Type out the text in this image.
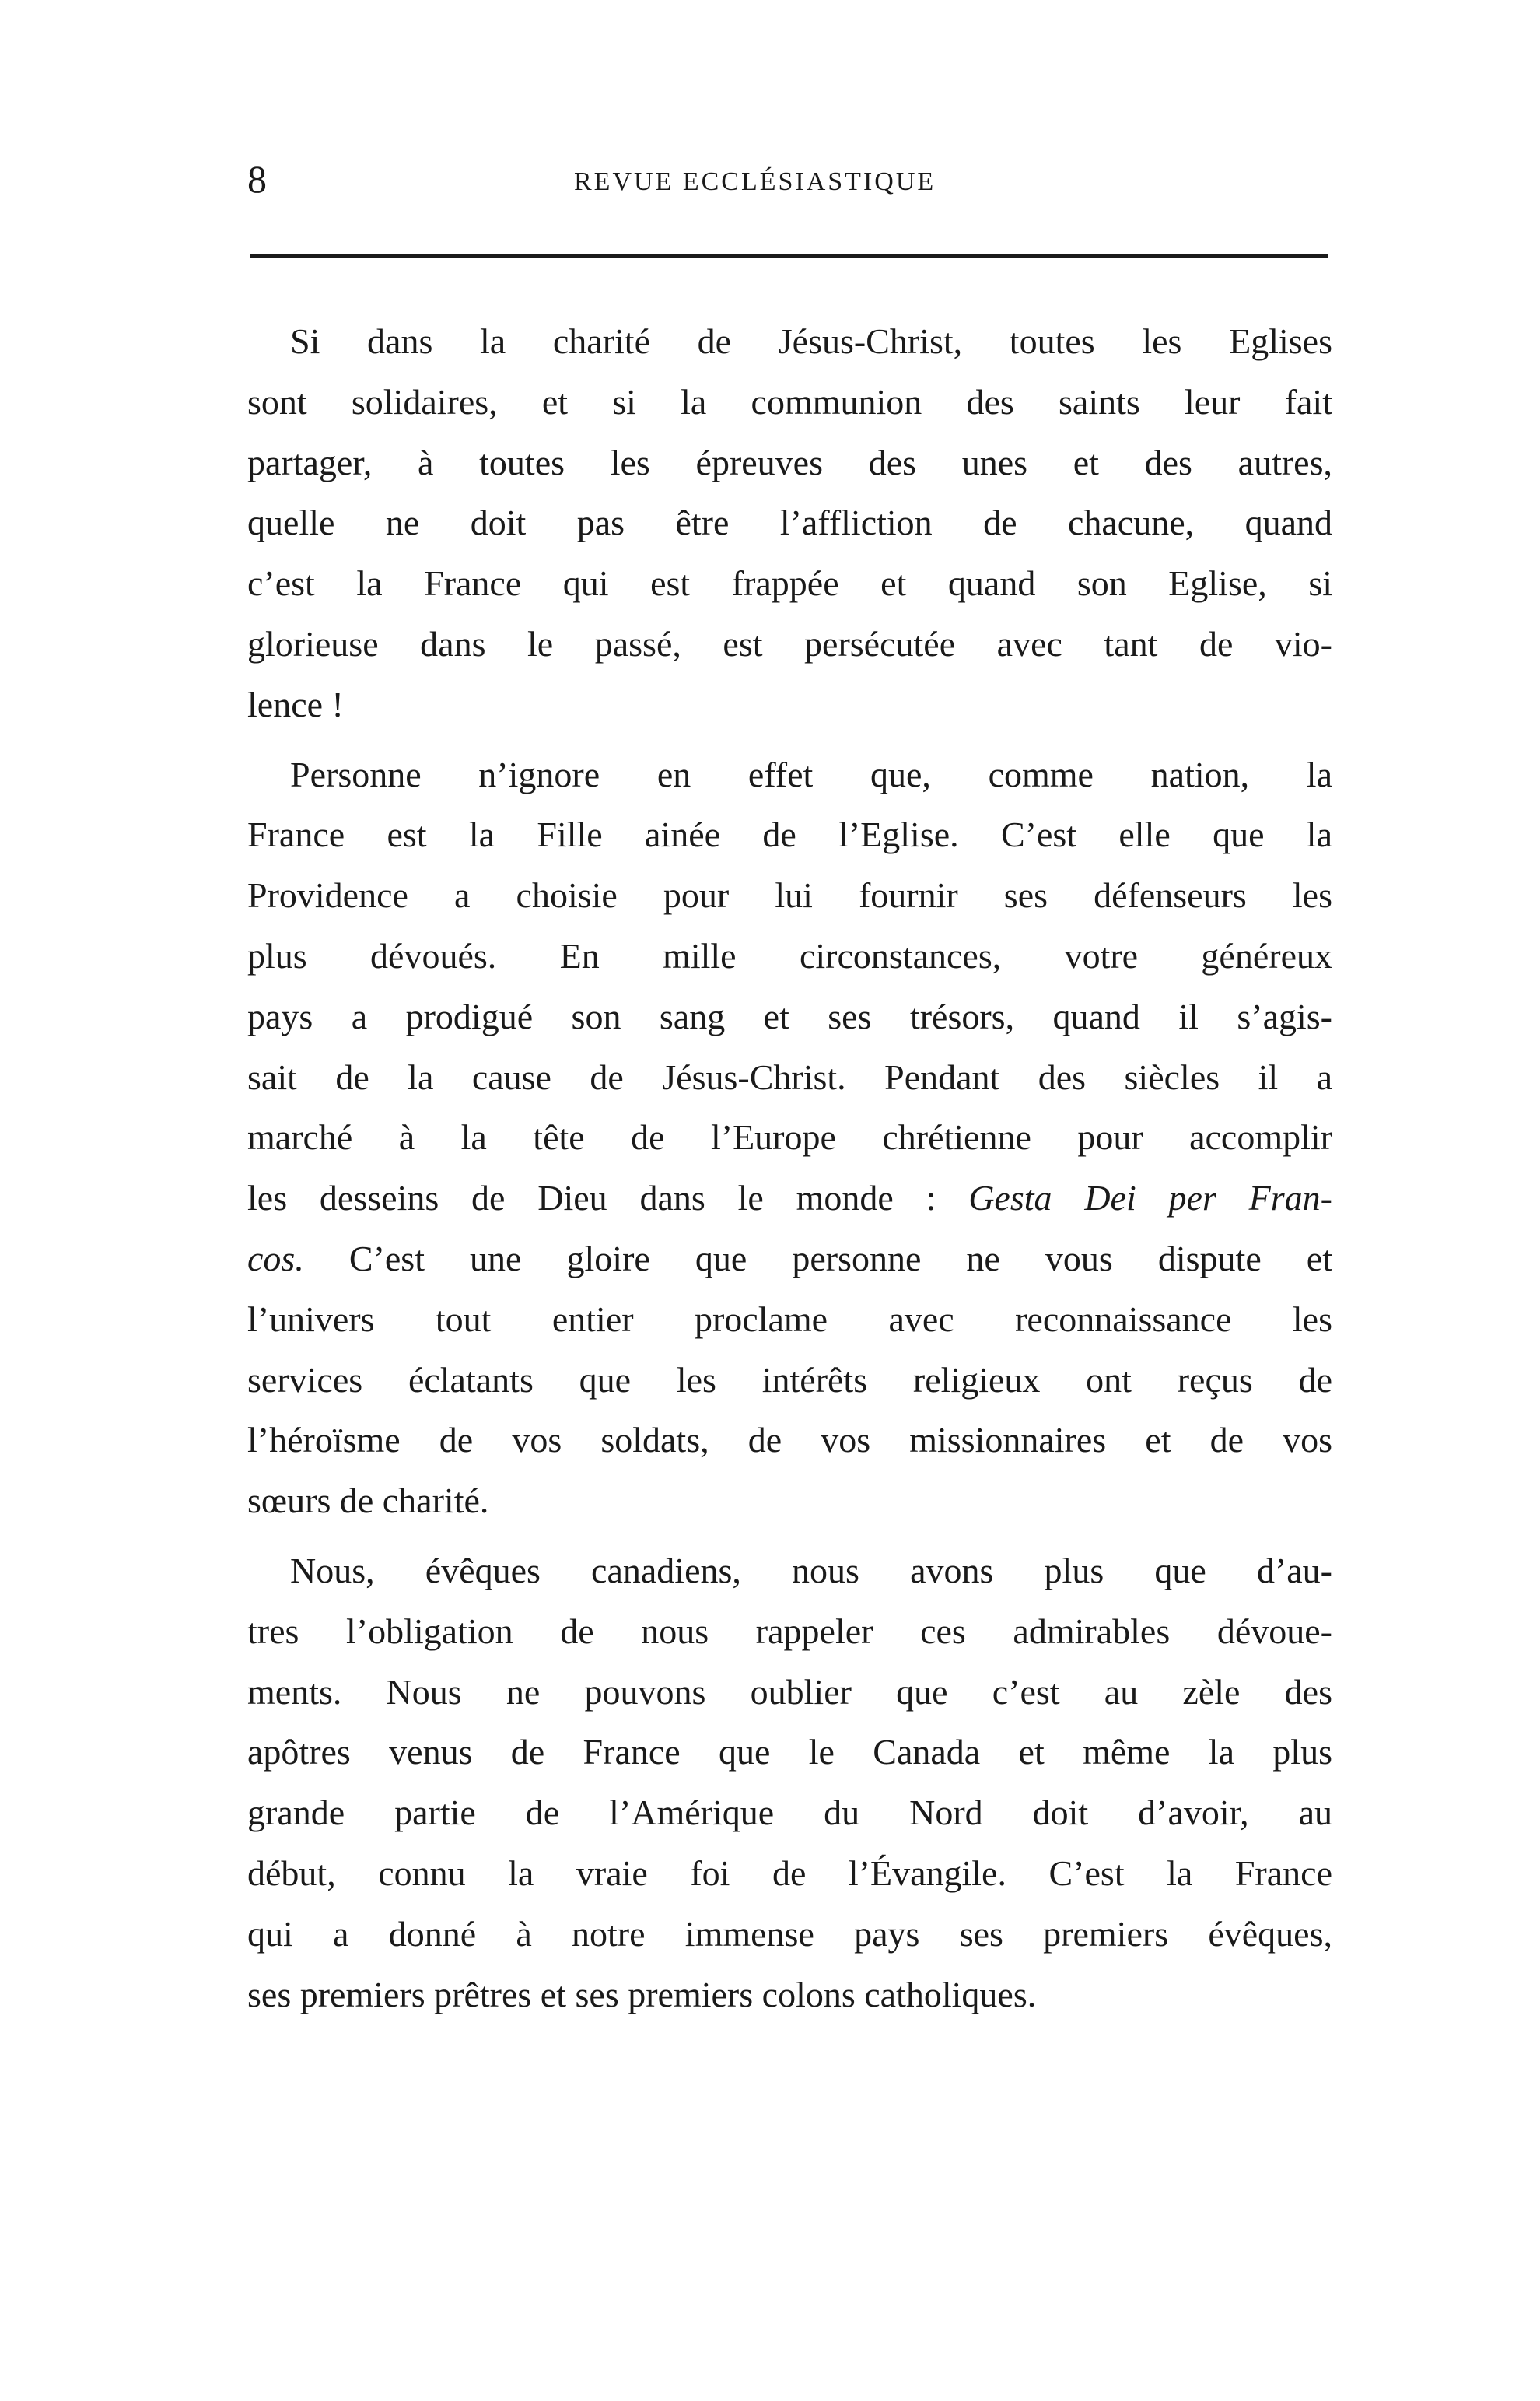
8	REVUE ECCLÉSIASTIQUE
Si dans la charité de Jésus-Christ, toutes les Eglises
sont solidaires, et si la communion des saints leur fait
partager, à toutes les épreuves des unes et des autres,
quelle ne doit pas être l’affliction de chacune, quand
c’est la France qui est frappée et quand son Eglise, si
glorieuse dans le passé, est persécutée avec tant de vio-
lence !
Personne n’ignore en effet que, comme nation, la
France est la Fille ainée de l’Eglise. C’est elle que la
Providence a choisie pour lui fournir ses défenseurs les
plus dévoués. En mille circonstances, votre généreux
pays a prodigué son sang et ses trésors, quand il s’agis-
sait de la cause de Jésus-Christ. Pendant des siècles il a
marché à la tête de l’Europe chrétienne pour accomplir
les desseins de Dieu dans le monde : Gesta Dei per Fran-
cos. C’est une gloire que personne ne vous dispute et
l’univers tout entier proclame avec reconnaissance les
services éclatants que les intérêts religieux ont reçus de
l’héroïsme de vos soldats, de vos missionnaires et de vos
sœurs de charité.
Nous, évêques canadiens, nous avons plus que d’au-
tres l’obligation de nous rappeler ces admirables dévoue-
ments. Nous ne pouvons oublier que c’est au zèle des
apôtres venus de France que le Canada et même la plus
grande partie de l’Amérique du Nord doit d’avoir, au
début, connu la vraie foi de l’Évangile. C’est la France
qui a donné à notre immense pays ses premiers évêques,
ses premiers prêtres et ses premiers colons catholiques.
